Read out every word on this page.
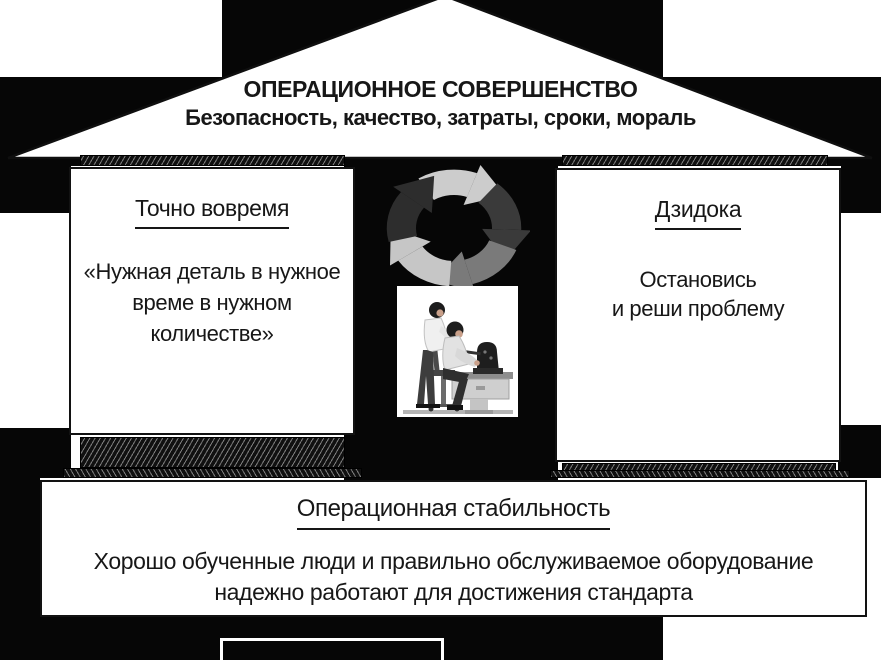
ОПЕРАЦИОННОЕ СОВЕРШЕНСТВО
Безопасность, качество, затраты, сроки, мораль
Точно вовремя
«Нужная деталь в нужное
време в нужном
количестве»
Дзидока
Остановись
и реши проблему
Операционная стабильность
Хорошо обученные люди и правильно обслуживаемое оборудование
надежно работают для достижения стандарта
